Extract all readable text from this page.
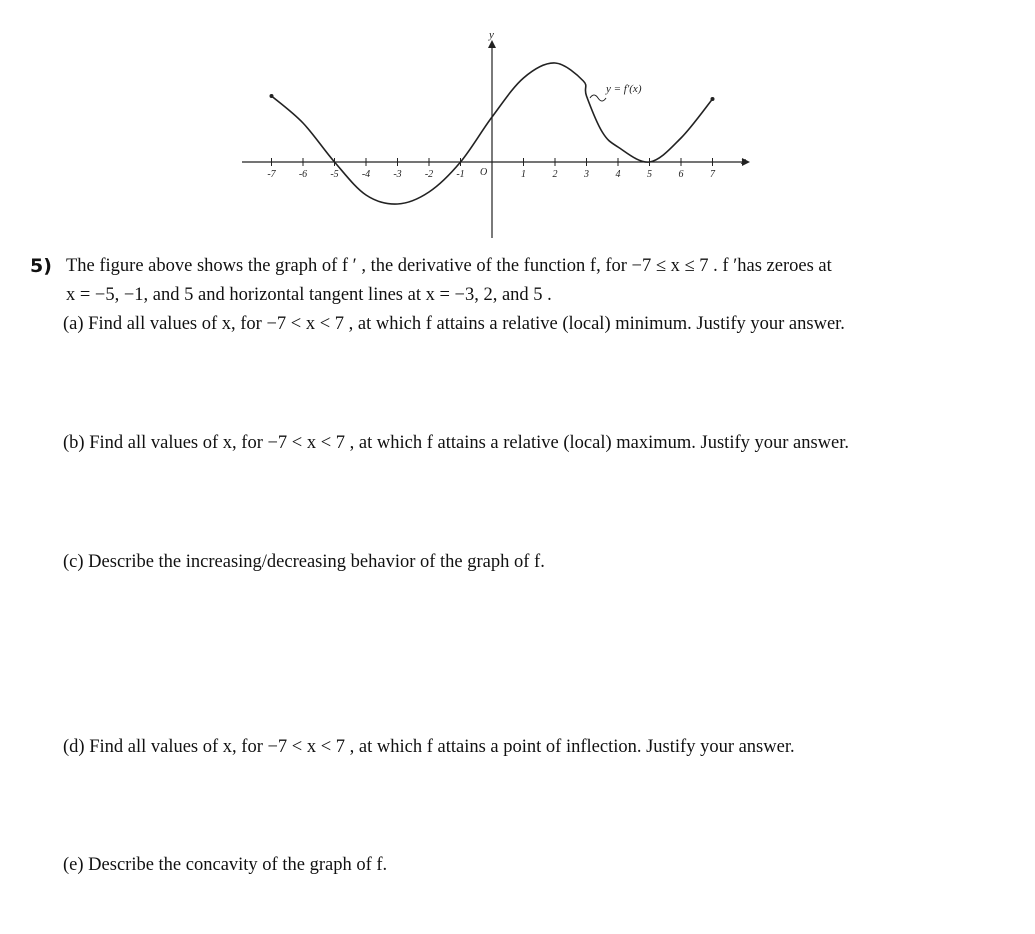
x
y
O
-7 -6 -5 -4 -3 -2 -1	1	2	3	4	5	6	7
y = f′(x)
5) The figure above shows the graph of f ′ , the derivative of the function f, for −7 ≤ x ≤ 7 . f ′has zeroes at
x = −5, −1, and 5 and horizontal tangent lines at x = −3, 2, and 5 .
(a) Find all values of x, for −7 < x < 7 , at which f attains a relative (local) minimum. Justify your answer.
(b) Find all values of x, for −7 < x < 7 , at which f attains a relative (local) maximum. Justify your answer.
(c) Describe the increasing/decreasing behavior of the graph of f.
(d) Find all values of x, for −7 < x < 7 , at which f attains a point of inflection. Justify your answer.
(e) Describe the concavity of the graph of f.
